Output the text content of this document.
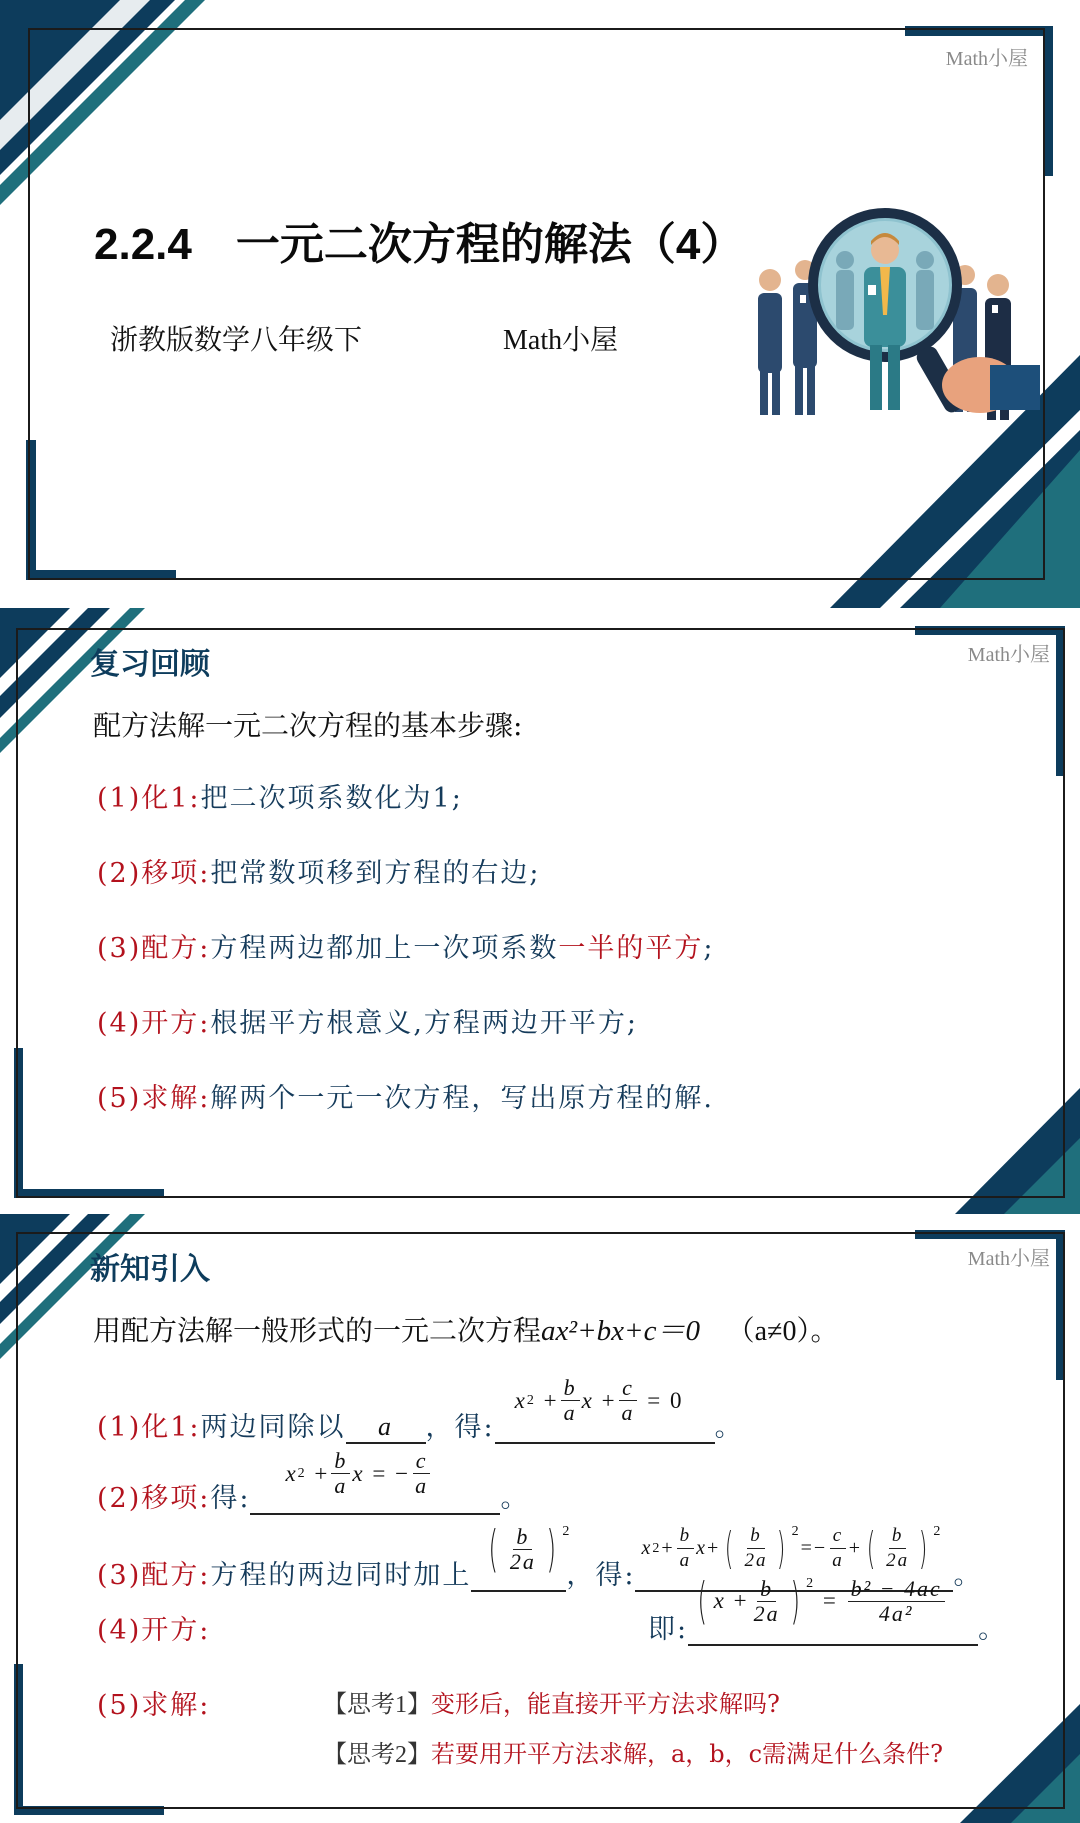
Math小屋
2.2.4　一元二次方程的解法（4）
浙教版数学八年级下	Math小屋
Math小屋
复习回顾
配方法解一元二次方程的基本步骤:
(1)化1:把二次项系数化为1;
(2)移项:把常数项移到方程的右边;
(3)配方:方程两边都加上一次项系数一半的平方;
(4)开方:根据平方根意义,方程两边开平方;
(5)求解:解两个一元一次方程，写出原方程的解.
Math小屋
新知引入
用配方法解一般形式的一元二次方程ax²+bx+c＝0 （a≠0）。
(1)化1: 两边同除以	a	， 得:
x 2
+ $\frac{b}{a}$ x
+ $\frac{c}{a}$
=
0
。
(2)移项: 得:
x 2
+ $\frac{b}{a}$ x
=
− $\frac{c}{a}$
。
(3)配方: 方程的两边同时加上 ( $\frac{b}{2a}$ ) $^2$
， 得:
x $2 + \frac{b}{a}$ x + ( $\frac{b}{2a}$ ) $^2$
= − $\frac{c}{a}$ + ( $\frac{b}{2a}$ ) $^2$
。
(4)开方:	即: ( x
+ $\frac{b}{2a}$ ) $^2$

=
$\frac{\text{b² − 4ac}}{\text{4a²}}$
。
(5)求解:	【思考1】变形后，能直接开平方法求解吗?
【思考2】若要用开平方法求解，a，b，c需满足什么条件?
